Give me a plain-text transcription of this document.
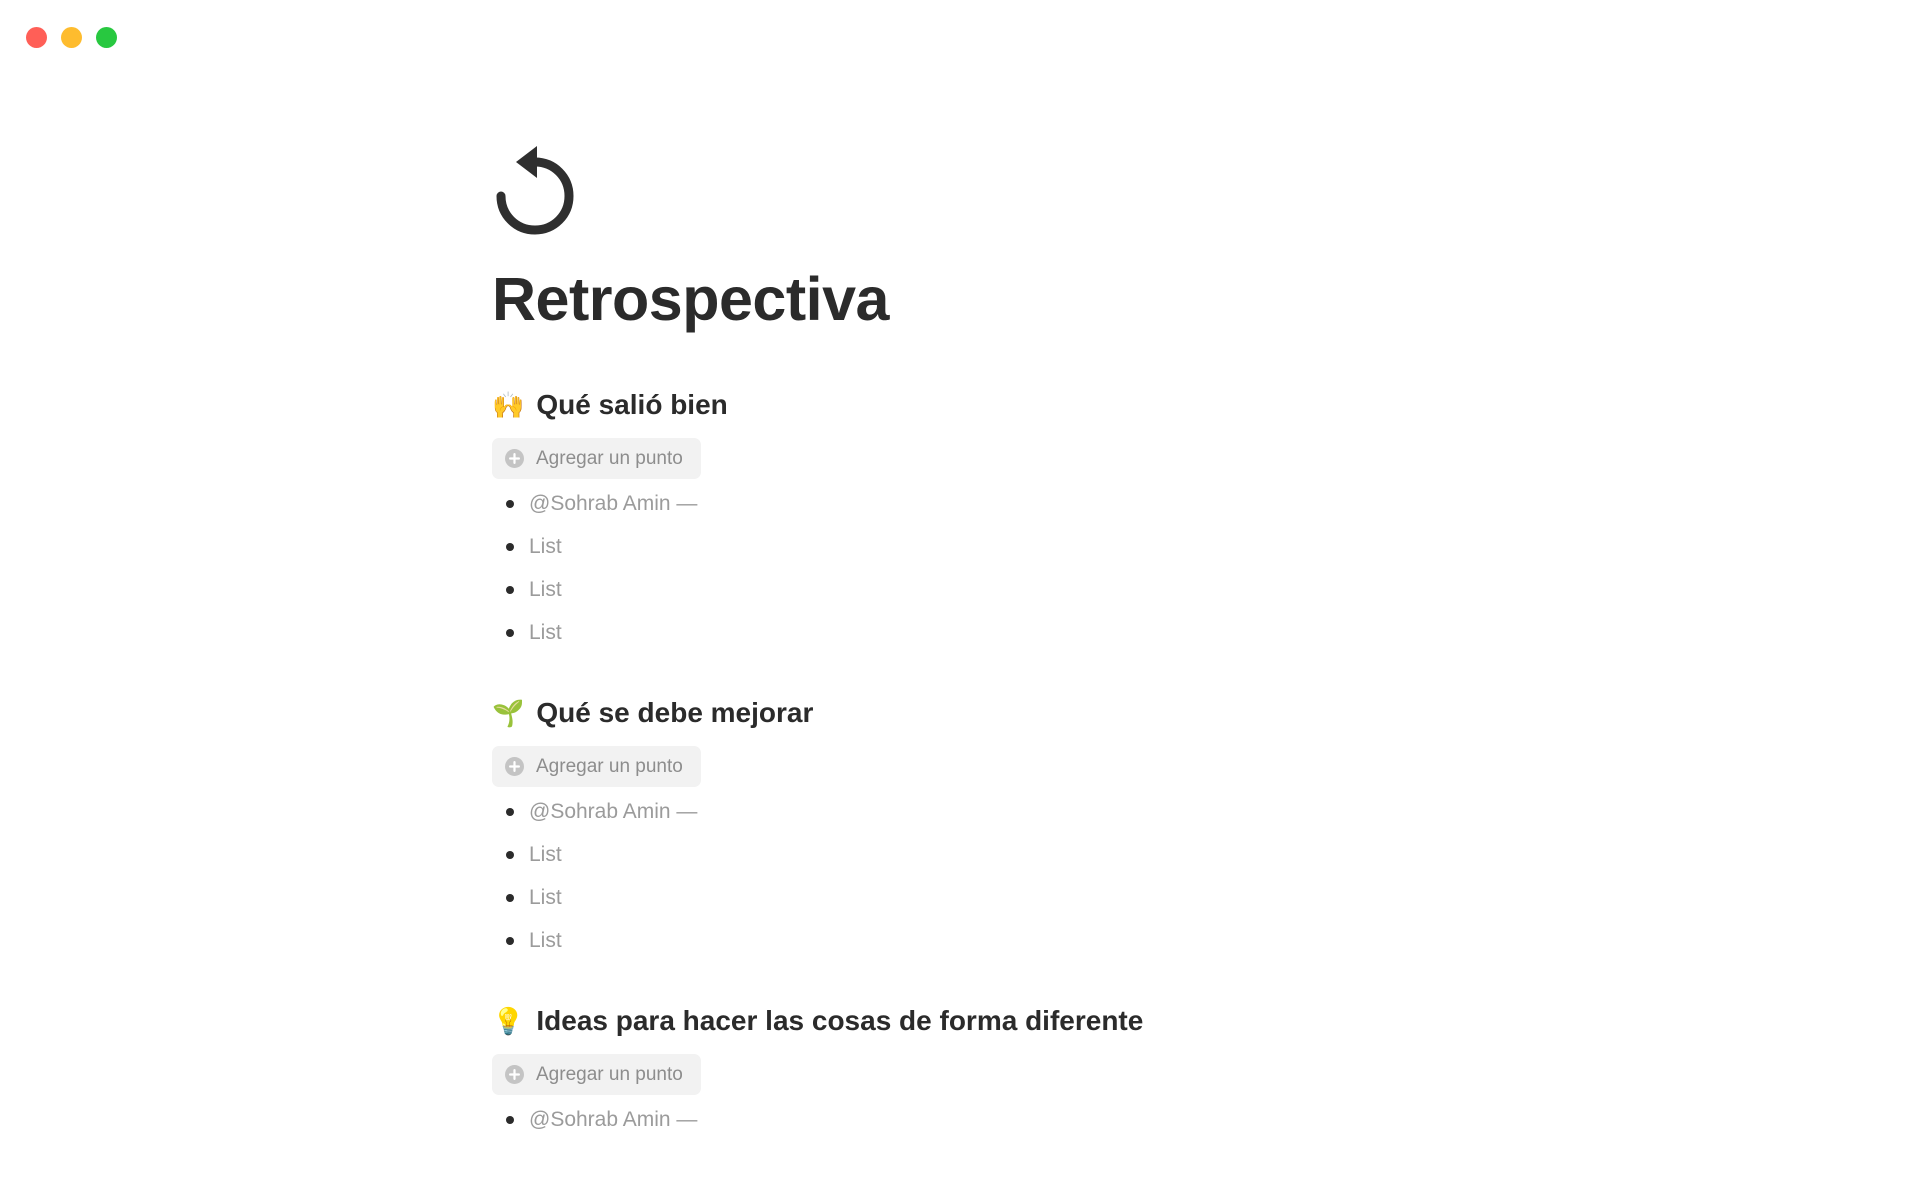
Retrospectiva
🙌 Qué salió bien
Agregar un punto
@Sohrab Amin —
List
List
List
🌱 Qué se debe mejorar
Agregar un punto
@Sohrab Amin —
List
List
List
💡 Ideas para hacer las cosas de forma diferente
Agregar un punto
@Sohrab Amin —
